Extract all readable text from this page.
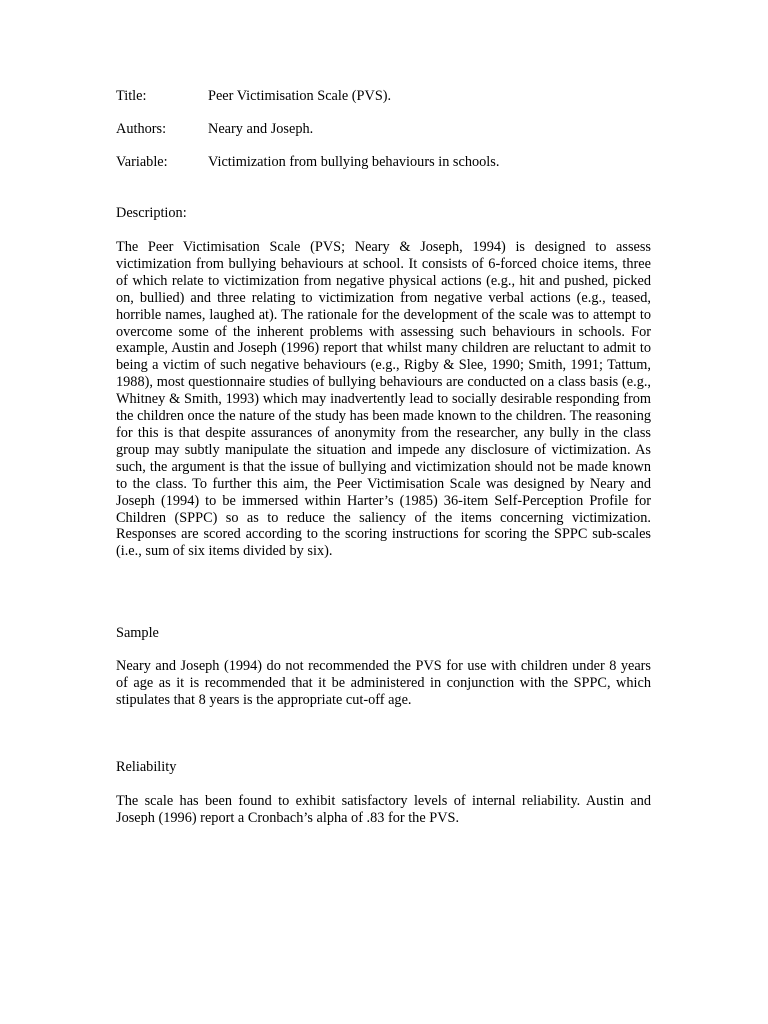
Title:	Peer Victimisation Scale (PVS).
Authors:	Neary and Joseph.
Variable:	Victimization from bullying behaviours in schools.
Description:

The Peer Victimisation Scale (PVS; Neary & Joseph, 1994) is designed to assess victimization from bullying behaviours at school. It consists of 6-forced choice items, three of which relate to victimization from negative physical actions (e.g., hit and pushed, picked on, bullied) and three relating to victimization from negative verbal actions (e.g., teased, horrible names, laughed at). The rationale for the development of the scale was to attempt to overcome some of the inherent problems with assessing such behaviours in schools. For example, Austin and Joseph (1996) report that whilst many children are reluctant to admit to being a victim of such negative behaviours (e.g., Rigby & Slee, 1990; Smith, 1991; Tattum, 1988), most questionnaire studies of bullying behaviours are conducted on a class basis (e.g., Whitney & Smith, 1993) which may inadvertently lead to socially desirable responding from the children once the nature of the study has been made known to the children. The reasoning for this is that despite assurances of anonymity from the researcher, any bully in the class group may subtly manipulate the situation and impede any disclosure of victimization. As such, the argument is that the issue of bullying and victimization should not be made known to the class. To further this aim, the Peer Victimisation Scale was designed by Neary and Joseph (1994) to be immersed within Harter’s (1985) 36-item Self-Perception Profile for Children (SPPC) so as to reduce the saliency of the items concerning victimization. Responses are scored according to the scoring instructions for scoring the SPPC sub-scales (i.e., sum of six items divided by six).

Sample

Neary and Joseph (1994) do not recommended the PVS for use with children under 8 years of age as it is recommended that it be administered in conjunction with the SPPC, which stipulates that 8 years is the appropriate cut-off age.

Reliability

The scale has been found to exhibit satisfactory levels of internal reliability. Austin and Joseph (1996) report a Cronbach’s alpha of .83 for the PVS.
